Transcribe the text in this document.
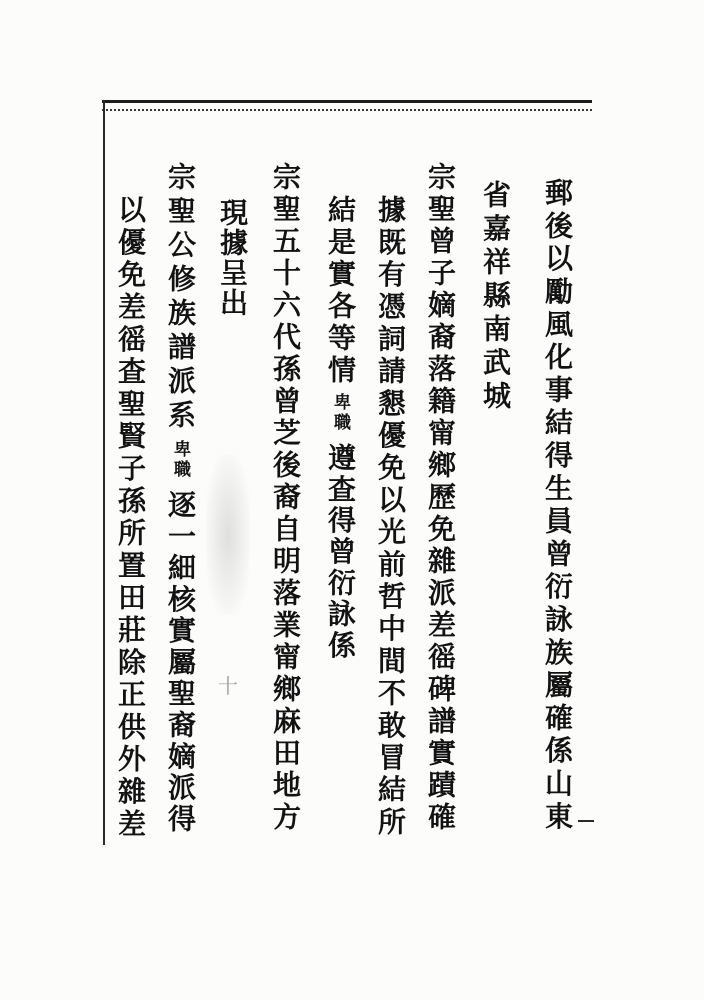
十	郵後以勵風化事結得生員曾衍詠族屬確係山東
省嘉祥縣南武城
宗聖曾子嫡裔落籍甯鄉歷免雜派差徭碑譜實蹟確
據既有憑詞請懇優免以光前哲中間不敢冒結所
結是實各等情卑職遵查得曾衍詠係
宗聖五十六代孫曾芝後裔自明落業甯鄉麻田地方
現據呈出
宗聖公修族譜派系卑職逐一細核實屬聖裔嫡派得
以優免差徭查聖賢子孫所置田莊除正供外雜差
